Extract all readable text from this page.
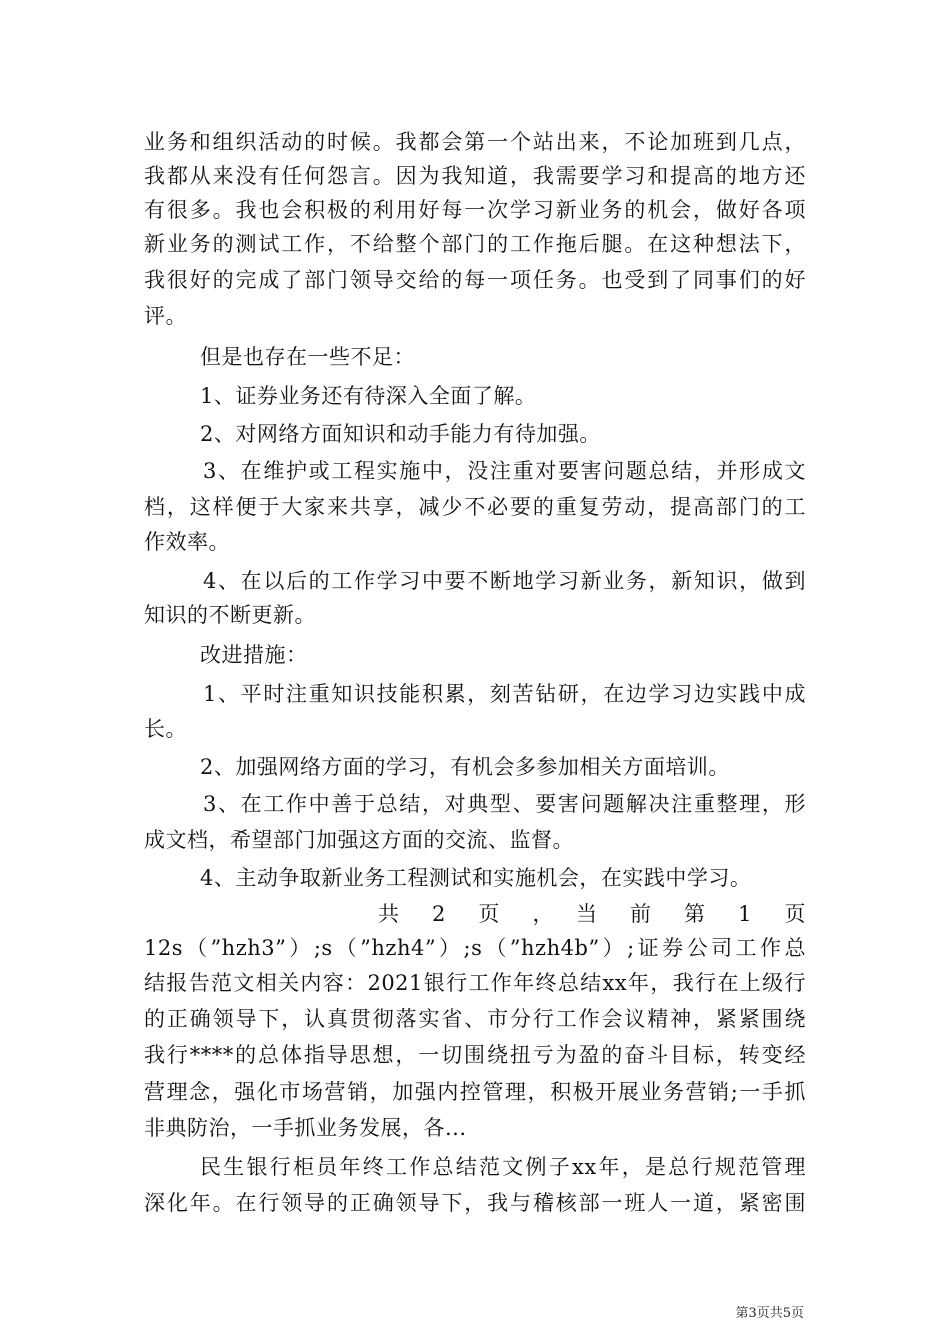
业务和组织活动的时候。我都会第一个站出来，不论加班到几点，
我都从来没有任何怨言。因为我知道，我需要学习和提高的地方还
有很多。我也会积极的利用好每一次学习新业务的机会，做好各项
新业务的测试工作，不给整个部门的工作拖后腿。在这种想法下，
我很好的完成了部门领导交给的每一项任务。也受到了同事们的好
评。
但是也存在一些不足：
1、证券业务还有待深入全面了解。
2、对网络方面知识和动手能力有待加强。
3、在维护或工程实施中，没注重对要害问题总结，并形成文
档，这样便于大家来共享，减少不必要的重复劳动，提高部门的工
作效率。
4、在以后的工作学习中要不断地学习新业务，新知识，做到
知识的不断更新。
改进措施：
1、平时注重知识技能积累，刻苦钻研，在边学习边实践中成
长。
2、加强网络方面的学习，有机会多参加相关方面培训。
3、在工作中善于总结，对典型、要害问题解决注重整理，形
成文档，希望部门加强这方面的交流、监督。
4、主动争取新业务工程测试和实施机会，在实践中学习。
共　2　页　，　当　前　第　1　页
12s（”hzh3”）;s（”hzh4”）;s（”hzh4b”）;证券公司工作总
结报告范文相关内容：2021银行工作年终总结xx年，我行在上级行
的正确领导下，认真贯彻落实省、市分行工作会议精神，紧紧围绕
我行****的总体指导思想，一切围绕扭亏为盈的奋斗目标，转变经
营理念，强化市场营销，加强内控管理，积极开展业务营销;一手抓
非典防治，一手抓业务发展，各...
民生银行柜员年终工作总结范文例子xx年，是总行规范管理
深化年。在行领导的正确领导下，我与稽核部一班人一道，紧密围
第3页共5页
